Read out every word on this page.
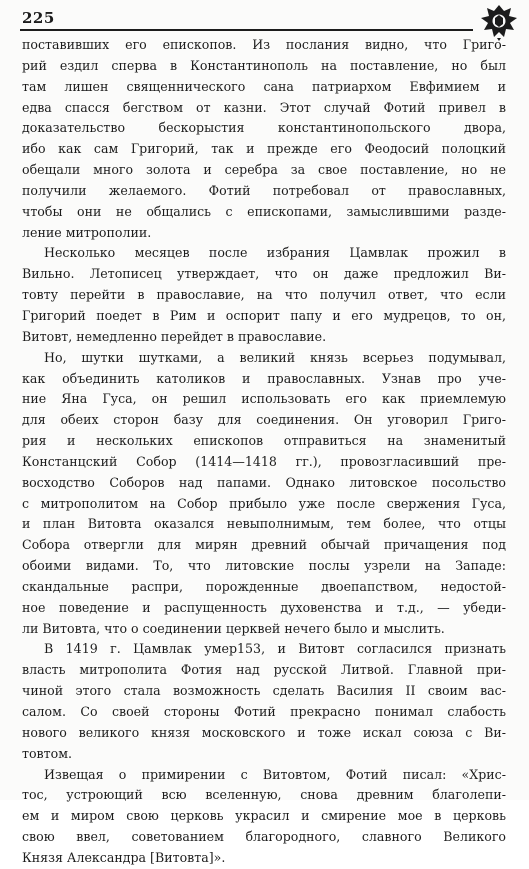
225
поставивших его епископов. Из послания видно, что Григо-
рий ездил сперва в Константинополь на поставление, но был
там лишен священнического сана патриархом Евфимием и
едва спасся бегством от казни. Этот случай Фотий привел в
доказательство бескорыстия константинопольского двора,
ибо как сам Григорий, так и прежде его Феодосий полоцкий
обещали много золота и серебра за свое поставление, но не
получили желаемого. Фотий потребовал от православных,
чтобы они не общались с епископами, замыслившими разде-
ление митрополии.
Несколько месяцев после избрания Цамвлак прожил в
Вильно. Летописец утверждает, что он даже предложил Ви-
товту перейти в православие, на что получил ответ, что если
Григорий поедет в Рим и оспорит папу и его мудрецов, то он,
Витовт, немедленно перейдет в православие.
Но, шутки шутками, а великий князь всерьез подумывал,
как объединить католиков и православных. Узнав про уче-
ние Яна Гуса, он решил использовать его как приемлемую
для обеих сторон базу для соединения. Он уговорил Григо-
рия и нескольких епископов отправиться на знаменитый
Констанцский Собор (1414—1418 гг.), провозгласивший пре-
восходство Соборов над папами. Однако литовское посольство
с митрополитом на Собор прибыло уже после свержения Гуса,
и план Витовта оказался невыполнимым, тем более, что отцы
Собора отвергли для мирян древний обычай причащения под
обоими видами. То, что литовские послы узрели на Западе:
скандальные распри, порожденные двоепапством, недостой-
ное поведение и распущенность духовенства и т.д., — убеди-
ли Витовта, что о соединении церквей нечего было и мыслить.
В 1419 г. Цамвлак умер153, и Витовт согласился признать
власть митрополита Фотия над русской Литвой. Главной при-
чиной этого стала возможность сделать Василия II своим вас-
салом. Со своей стороны Фотий прекрасно понимал слабость
нового великого князя московского и тоже искал союза с Ви-
товтом.
Извещая о примирении с Витовтом, Фотий писал: «Хрис-
тос, устроющий всю вселенную, снова древним благолепи-
ем и миром свою церковь украсил и смирение мое в церковь
свою ввел, советованием благородного, славного Великого
Князя Александра [Витовта]».
